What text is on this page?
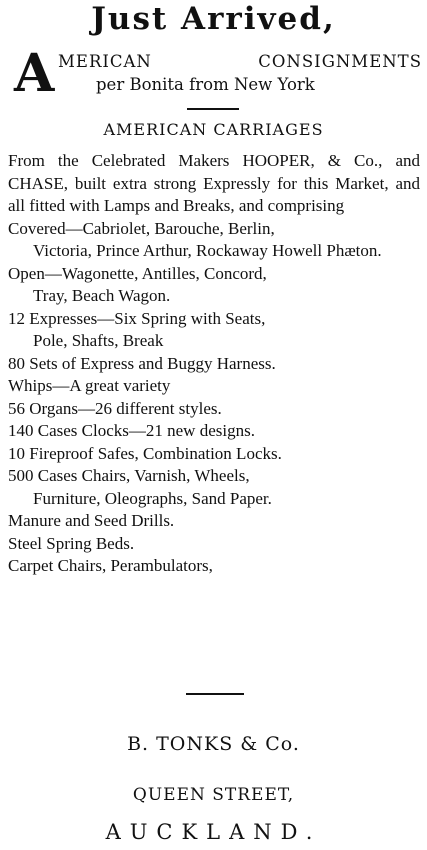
Just Arrived,
A MERICAN	CONSIGNMENTS
per Bonita from New York
AMERICAN CARRIAGES

From the Celebrated Makers HOOPER, & Co., and CHASE, built extra strong Expressly for this Market, and all fitted with Lamps and Breaks, and comprising

Covered—Cabriolet, Barouche, Berlin,

Victoria, Prince Arthur, Rockaway Howell Phæton.

Open—Wagonette, Antilles, Concord,

Tray, Beach Wagon.

12 Expresses—Six Spring with Seats,

Pole, Shafts, Break

80 Sets of Express and Buggy Harness.

Whips—A great variety

56 Organs—26 different styles.

140 Cases Clocks—21 new designs.

10 Fireproof Safes, Combination Locks.

500 Cases Chairs, Varnish, Wheels,

Furniture, Oleographs, Sand Paper.

Manure and Seed Drills.

Steel Spring Beds.

Carpet Chairs, Perambulators,

B. TONKS & Co.
QUEEN STREET,
AUCKLAND.
